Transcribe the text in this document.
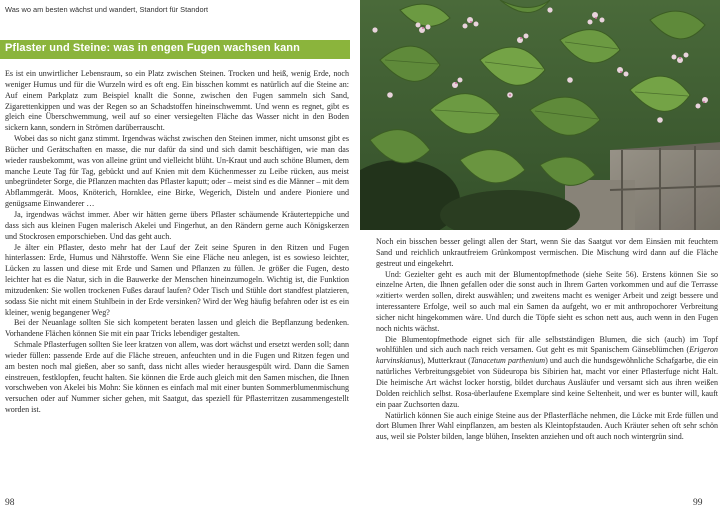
Was wo am besten wächst und wandert, Standort für Standort
Pflaster und Steine: was in engen Fugen wachsen kann

Es ist ein unwirtlicher Lebensraum, so ein Platz zwischen Steinen. Trocken und heiß, wenig Erde, noch weniger Humus und für die Wurzeln wird es oft eng. Ein bisschen kommt es natürlich auf die Steine an: Auf einem Parkplatz zum Beispiel knallt die Sonne, zwischen den Fugen sammeln sich Sand, Zigarettenkippen und was der Regen so an Schadstoffen hineinschwemmt. Und wenn es regnet, gibt es gleich eine Überschwemmung, weil auf so einer versiegelten Fläche das Wasser nicht in den Boden sickern kann, sondern in Strömen darüberrauscht.

Wobei das so nicht ganz stimmt. Irgendwas wächst zwischen den Steinen immer, nicht umsonst gibt es Bücher und Gerätschaften en masse, die nur dafür da sind und sich damit beschäftigen, wie man das wieder rausbekommt, was von alleine grünt und vielleicht blüht. Un-Kraut und auch schöne Blumen, dem manche Leute Tag für Tag, gebückt und auf Knien mit dem Küchenmesser zu Leibe rücken, aus meist unbegründeter Sorge, die Pflanzen machten das Pflaster kaputt; oder – meist sind es die Männer – mit dem Abflammgerät. Moos, Knöterich, Hornklee, eine Birke, Wegerich, Disteln und andere Pioniere und genügsame Einwanderer …

Ja, irgendwas wächst immer. Aber wir hätten gerne übers Pflaster schäumende Kräuterteppiche und dass sich aus kleinen Fugen malerisch Akelei und Fingerhut, an den Rändern gerne auch Königskerzen und Stockrosen emporschieben. Und das geht auch.

Je älter ein Pflaster, desto mehr hat der Lauf der Zeit seine Spuren in den Ritzen und Fugen hinterlassen: Erde, Humus und Nährstoffe. Wenn Sie eine Fläche neu anlegen, ist es sowieso leichter, Lücken zu lassen und diese mit Erde und Samen und Pflanzen zu füllen. Je größer die Fugen, desto leichter hat es die Natur, sich in die Bauwerke der Menschen hineinzumogeln. Wichtig ist, die Funktion mitzudenken: Sie wollen trockenen Fußes darauf laufen? Oder Tisch und Stühle dort standfest platzieren, sodass Sie nicht mit einem Stuhlbein in der Erde versinken? Wird der Weg häufig befahren oder ist es ein kleiner, wenig begangener Weg?

Bei der Neuanlage sollten Sie sich kompetent beraten lassen und gleich die Bepflanzung bedenken. Vorhandene Flächen können Sie mit ein paar Tricks lebendiger gestalten.

Schmale Pflasterfugen sollten Sie leer kratzen von allem, was dort wächst und ersetzt werden soll; dann wieder füllen: passende Erde auf die Fläche streuen, anfeuchten und in die Fugen und Ritzen fegen und am besten noch mal gießen, aber so sanft, dass nicht alles wieder herausgespült wird. Dann die Samen einstreuen, festklopfen, feucht halten. Sie können die Erde auch gleich mit den Samen mischen, die Ihnen vorschweben von Akelei bis Mohn: Sie können es einfach mal mit einer bunten Sommerblumenmischung versuchen oder auf Nummer sicher gehen, mit Saatgut, das speziell für Pflasterritzen zusammengestellt worden ist.

98

Noch ein bisschen besser gelingt allen der Start, wenn Sie das Saatgut vor dem Einsäen mit feuchtem Sand und reichlich unkrautfreiem Grünkompost vermischen. Die Mischung wird dann auf die Fläche gestreut und eingekehrt.

Und: Gezielter geht es auch mit der Blumentopfmethode (siehe Seite 56). Erstens können Sie so einzelne Arten, die Ihnen gefallen oder die sonst auch in Ihrem Garten vorkommen und auf die Terrasse »zitiert« werden sollen, direkt auswählen; und zweitens macht es weniger Arbeit und zeigt bessere und interessantere Erfolge, weil so auch mal ein Samen da aufgeht, wo er mit anthropochorer Verbreitung sicher nicht hingekommen wäre. Und durch die Töpfe sieht es schon nett aus, auch wenn in den Fugen noch nichts wächst.

Die Blumentopfmethode eignet sich für alle selbstständigen Blumen, die sich (auch) im Topf wohlfühlen und sich auch nach reich versamen. Gut geht es mit Spanischem Gänseblümchen (Erigeron karvinskianus), Mutterkraut (Tanacetum parthenium) und auch die hundsgewöhnliche Schafgarbe, die ein natürliches Verbreitungsgebiet von Südeuropa bis Sibirien hat, macht vor einer Pflasterfuge nicht Halt. Die heimische Art wächst locker horstig, bildet durchaus Ausläufer und versamt sich aus ihren weißen Dolden reichlich selbst. Rosa-überlaufene Exemplare sind keine Seltenheit, und wer es bunter will, kauft ein paar Zuchsorten dazu.

Natürlich können Sie auch einige Steine aus der Pflasterfläche nehmen, die Lücke mit Erde füllen und dort Blumen Ihrer Wahl einpflanzen, am besten als Kleintopfstauden. Auch Kräuter sehen oft sehr schön aus, weil sie Polster bilden, lange blühen, Insekten anziehen und oft auch noch wintergrün sind.

99
